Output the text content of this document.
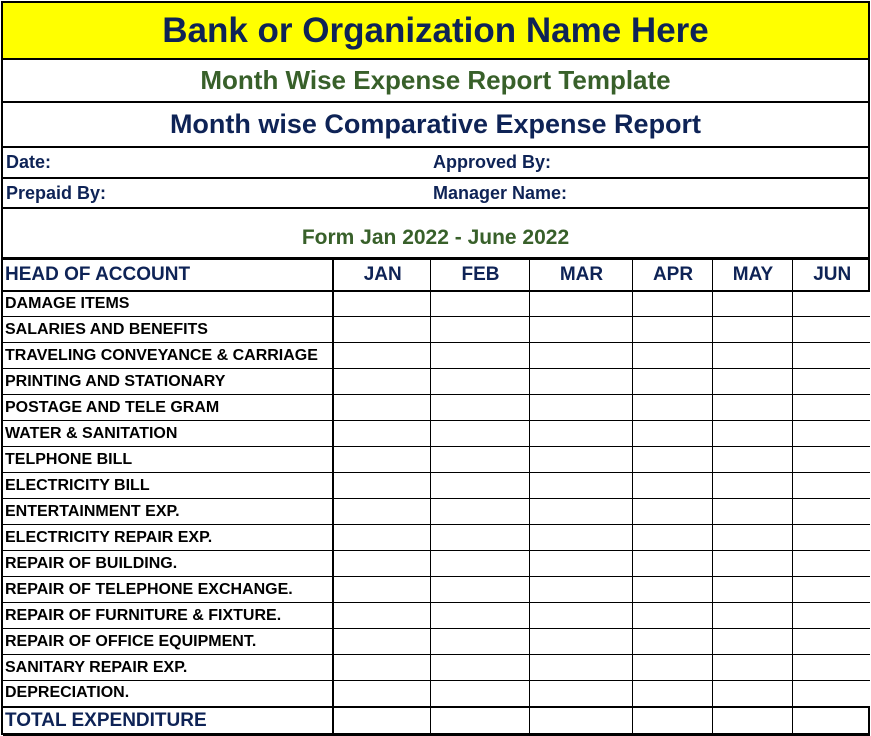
Bank or Organization Name Here
Month Wise Expense Report Template
Month wise Comparative Expense Report
Date:	Approved By:
Prepaid By:	Manager Name:
Form Jan 2022 - June 2022
HEAD OF ACCOUNT	JAN	FEB	MAR	APR	MAY	JUN
DAMAGE ITEMS						
SALARIES AND BENEFITS						
TRAVELING CONVEYANCE & CARRIAGE						
PRINTING AND STATIONARY						
POSTAGE AND TELE GRAM						
WATER & SANITATION						
TELPHONE BILL						
ELECTRICITY BILL						
ENTERTAINMENT EXP.						
ELECTRICITY REPAIR EXP.						
REPAIR OF BUILDING.						
REPAIR OF TELEPHONE EXCHANGE.						
REPAIR OF FURNITURE & FIXTURE.						
REPAIR OF OFFICE EQUIPMENT.						
SANITARY REPAIR EXP.						
DEPRECIATION.						
TOTAL EXPENDITURE						
